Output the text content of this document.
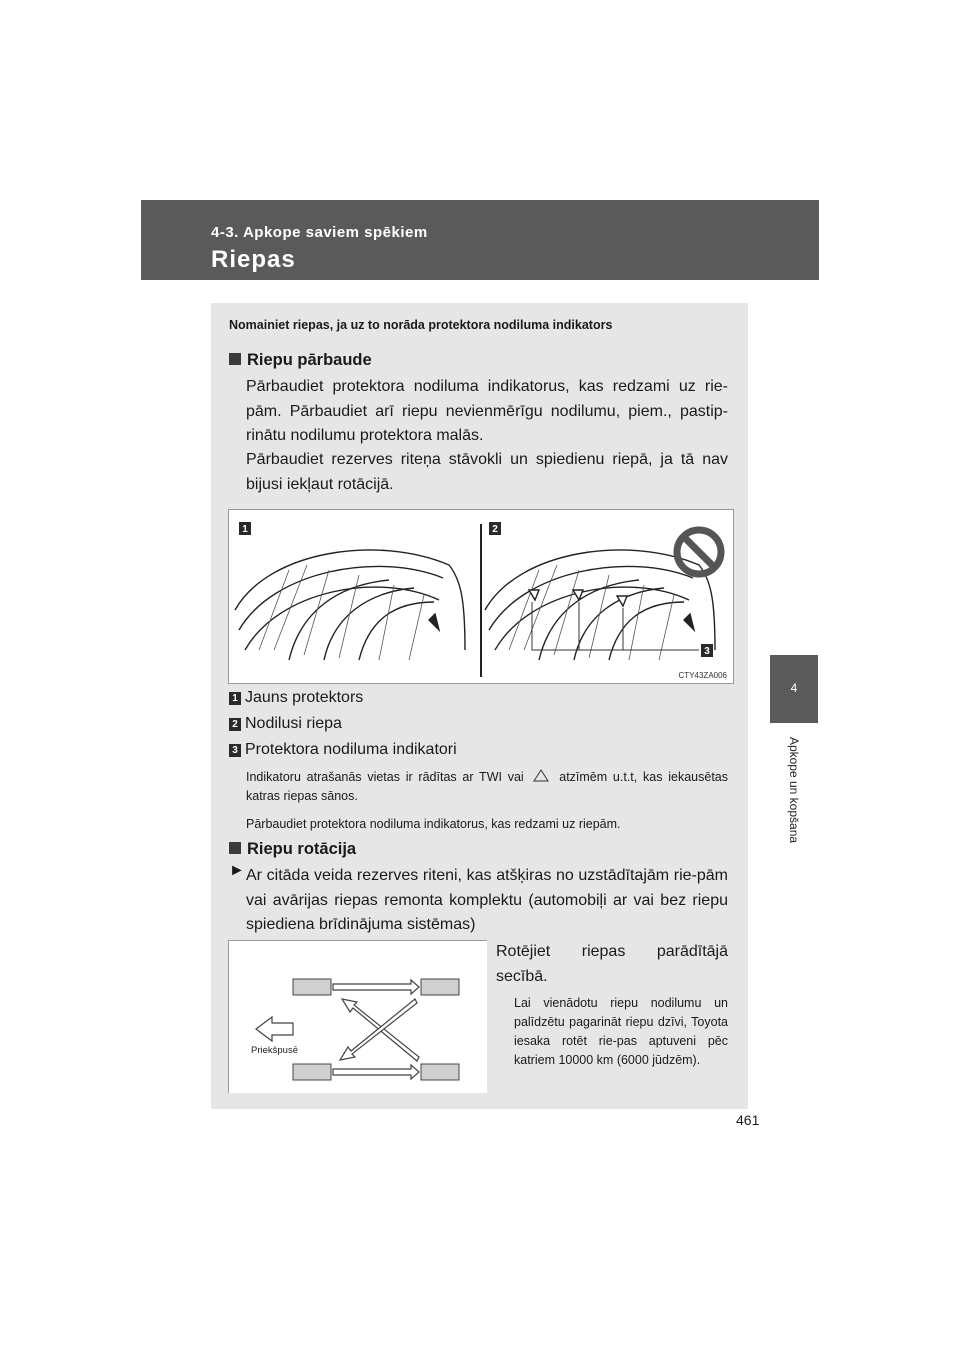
4-3. Apkope saviem spēkiem
Riepas
4
Apkope un kopšana
Nomainiet riepas, ja uz to norāda protektora nodiluma indikators
Riepu pārbaude
Pārbaudiet protektora nodiluma indikatorus, kas redzami uz rie-pām. Pārbaudiet arī riepu nevienmērīgu nodilumu, piem., pastip-rinātu nodilumu protektora malās.
Pārbaudiet rezerves riteņa stāvokli un spiedienu riepā, ja tā nav bijusi iekļaut rotācijā.
1	2
3
CTY43ZA006
1 Jauns protektors
2 Nodilusi riepa
3 Protektora nodiluma indikatori
Indikatoru atrašanās vietas ir rādītas ar TWI vai	atzīmēm u.t.t, kas iekausētas katras riepas sānos.
Pārbaudiet protektora nodiluma indikatorus, kas redzami uz riepām.
Riepu rotācija
► Ar citāda veida rezerves riteni, kas atšķiras no uzstādītajām rie-pām vai avārijas riepas remonta komplektu (automobiļi ar vai bez riepu spiediena brīdinājuma sistēmas)
Priekšpusē
Rotējiet riepas parādītājā secībā.
Lai vienādotu riepu nodilumu un palīdzētu pagarināt riepu dzīvi, Toyota iesaka rotēt rie-pas aptuveni pēc katriem 10000 km (6000 jūdzēm).
461
